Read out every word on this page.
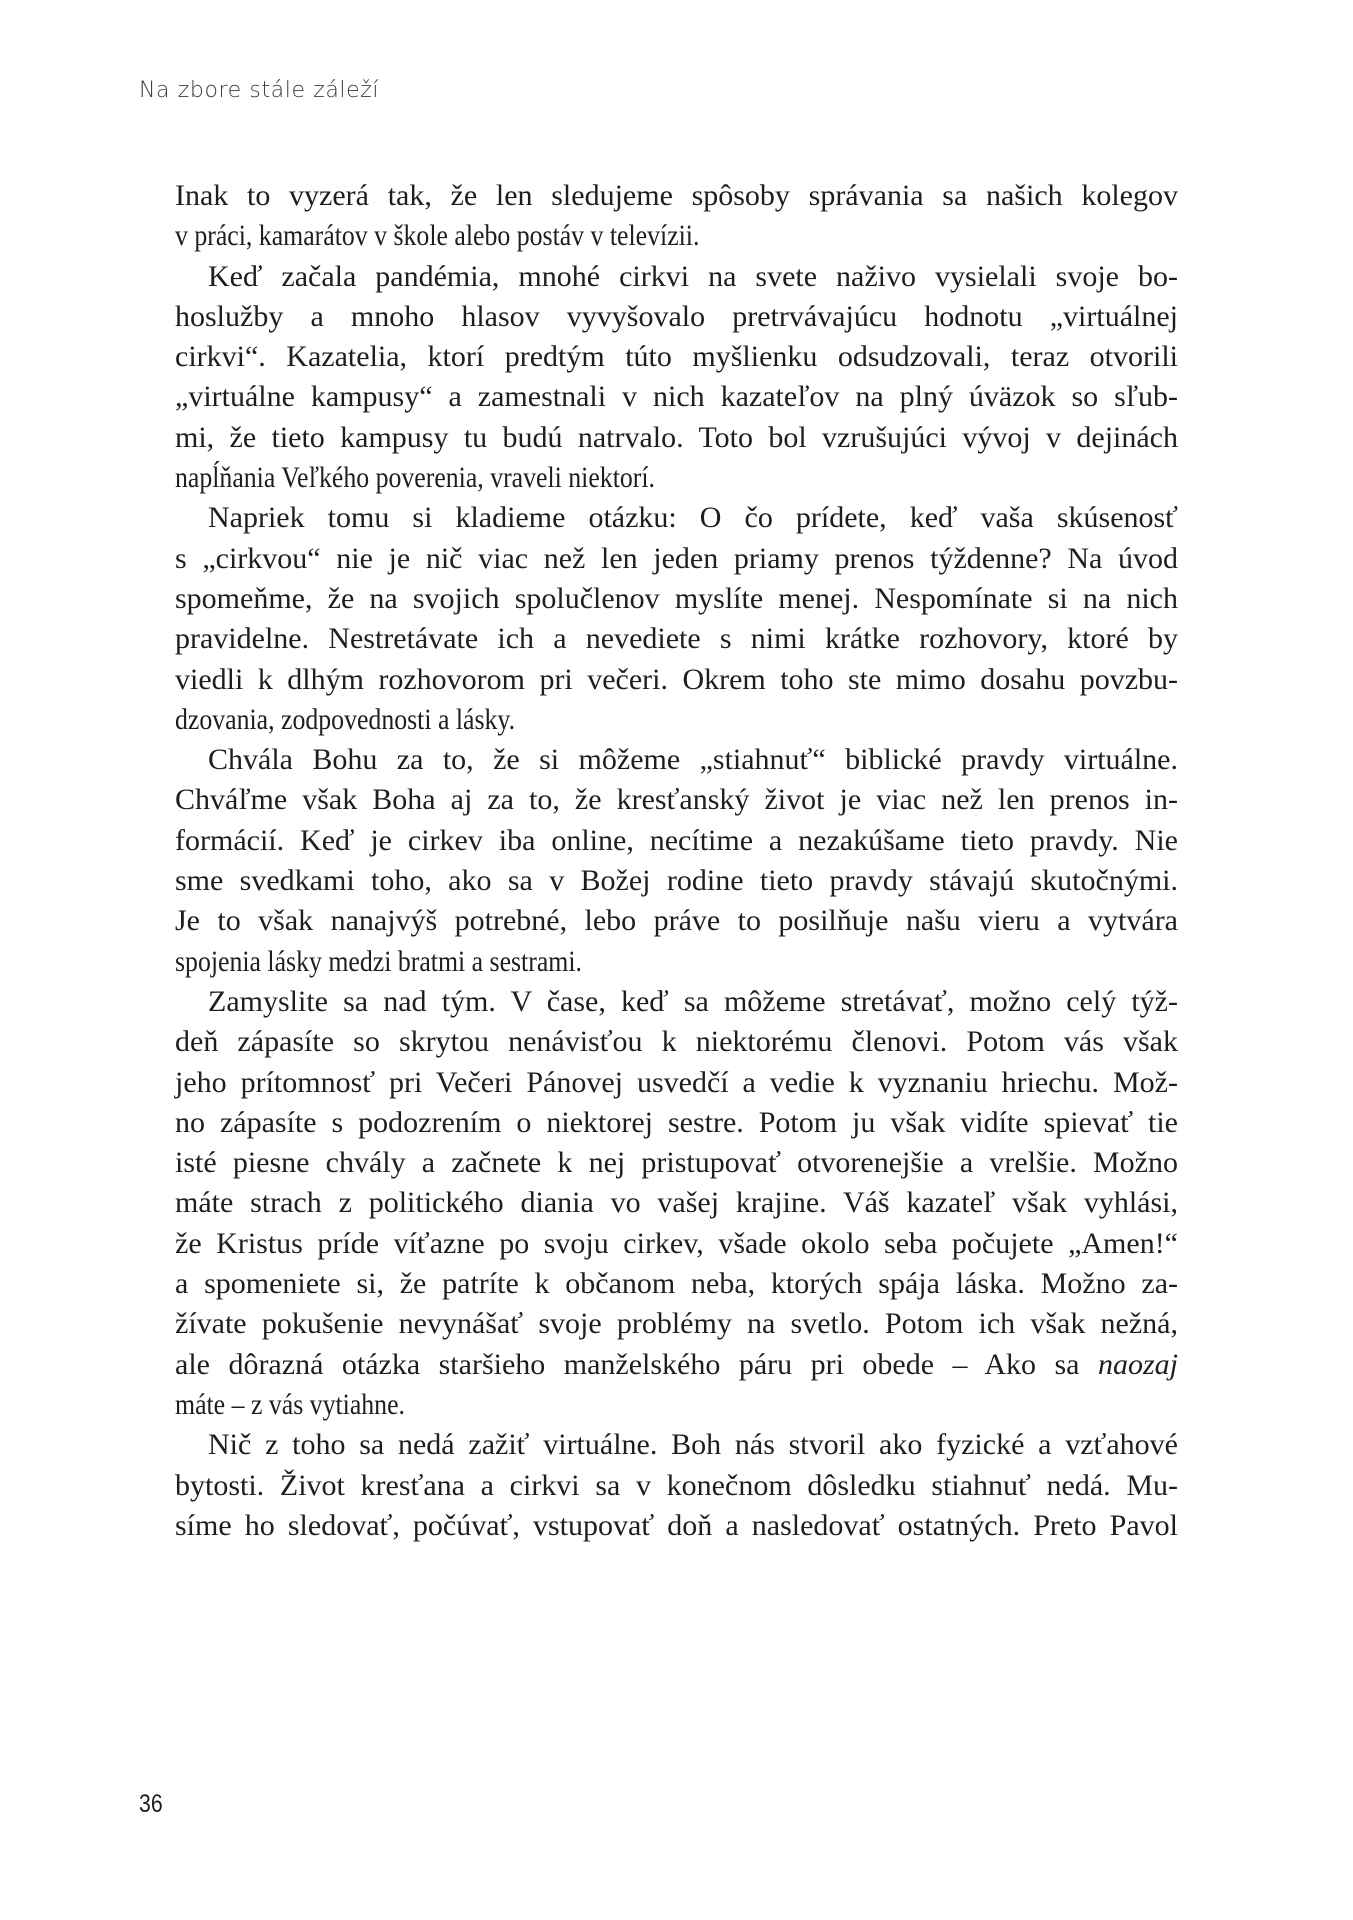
Na zbore stále záleží
Inak to vyzerá tak, že len sledujeme spôsoby správania sa našich kolegov
v práci, kamarátov v škole alebo postáv v televízii.
Keď začala pandémia, mnohé cirkvi na svete naživo vysielali svoje bo-
hoslužby a mnoho hlasov vyvyšovalo pretrvávajúcu hodnotu „virtuálnej
cirkvi“. Kazatelia, ktorí predtým túto myšlienku odsudzovali, teraz otvorili
„virtuálne kampusy“ a zamestnali v nich kazateľov na plný úväzok so sľub-
mi, že tieto kampusy tu budú natrvalo. Toto bol vzrušujúci vývoj v dejinách
napĺňania Veľkého poverenia, vraveli niektorí.
Napriek tomu si kladieme otázku: O čo prídete, keď vaša skúsenosť
s „cirkvou“ nie je nič viac než len jeden priamy prenos týždenne? Na úvod
spomeňme, že na svojich spolučlenov myslíte menej. Nespomínate si na nich
pravidelne. Nestretávate ich a nevediete s nimi krátke rozhovory, ktoré by
viedli k dlhým rozhovorom pri večeri. Okrem toho ste mimo dosahu povzbu-
dzovania, zodpovednosti a lásky.
Chvála Bohu za to, že si môžeme „stiahnuť“ biblické pravdy virtuálne.
Chváľme však Boha aj za to, že kresťanský život je viac než len prenos in-
formácií. Keď je cirkev iba online, necítime a nezakúšame tieto pravdy. Nie
sme svedkami toho, ako sa v Božej rodine tieto pravdy stávajú skutočnými.
Je to však nanajvýš potrebné, lebo práve to posilňuje našu vieru a vytvára
spojenia lásky medzi bratmi a sestrami.
Zamyslite sa nad tým. V čase, keď sa môžeme stretávať, možno celý týž-
deň zápasíte so skrytou nenávisťou k niektorému členovi. Potom vás však
jeho prítomnosť pri Večeri Pánovej usvedčí a vedie k vyznaniu hriechu. Mož-
no zápasíte s podozrením o niektorej sestre. Potom ju však vidíte spievať tie
isté piesne chvály a začnete k nej pristupovať otvorenejšie a vrelšie. Možno
máte strach z politického diania vo vašej krajine. Váš kazateľ však vyhlási,
že Kristus príde víťazne po svoju cirkev, všade okolo seba počujete „Amen!“
a spomeniete si, že patríte k občanom neba, ktorých spája láska. Možno za-
žívate pokušenie nevynášať svoje problémy na svetlo. Potom ich však nežná,
ale dôrazná otázka staršieho manželského páru pri obede – Ako sa naozaj
máte – z vás vytiahne.
Nič z toho sa nedá zažiť virtuálne. Boh nás stvoril ako fyzické a vzťahové
bytosti. Život kresťana a cirkvi sa v konečnom dôsledku stiahnuť nedá. Mu-
síme ho sledovať, počúvať, vstupovať doň a nasledovať ostatných. Preto Pavol
36
